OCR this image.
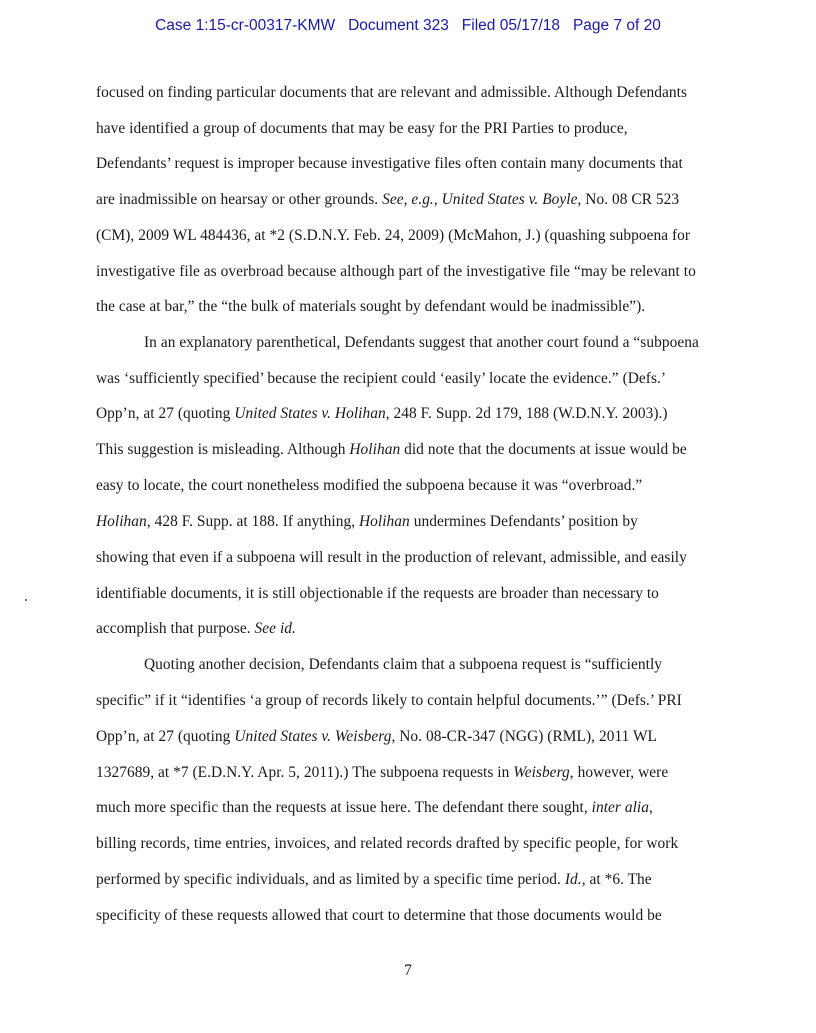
Case 1:15-cr-00317-KMW Document 323 Filed 05/17/18 Page 7 of 20
focused on finding particular documents that are relevant and admissible. Although Defendants
have identified a group of documents that may be easy for the PRI Parties to produce,
Defendants’ request is improper because investigative files often contain many documents that
are inadmissible on hearsay or other grounds. See, e.g., United States v. Boyle, No. 08 CR 523
(CM), 2009 WL 484436, at *2 (S.D.N.Y. Feb. 24, 2009) (McMahon, J.) (quashing subpoena for
investigative file as overbroad because although part of the investigative file “may be relevant to
the case at bar,” the “the bulk of materials sought by defendant would be inadmissible”).
In an explanatory parenthetical, Defendants suggest that another court found a “subpoena
was ‘sufficiently specified’ because the recipient could ‘easily’ locate the evidence.” (Defs.’
Opp’n, at 27 (quoting United States v. Holihan, 248 F. Supp. 2d 179, 188 (W.D.N.Y. 2003).)
This suggestion is misleading. Although Holihan did note that the documents at issue would be
easy to locate, the court nonetheless modified the subpoena because it was “overbroad.”
Holihan, 428 F. Supp. at 188. If anything, Holihan undermines Defendants’ position by
showing that even if a subpoena will result in the production of relevant, admissible, and easily
identifiable documents, it is still objectionable if the requests are broader than necessary to
accomplish that purpose. See id.
Quoting another decision, Defendants claim that a subpoena request is “sufficiently
specific” if it “identifies ‘a group of records likely to contain helpful documents.’” (Defs.’ PRI
Opp’n, at 27 (quoting United States v. Weisberg, No. 08-CR-347 (NGG) (RML), 2011 WL
1327689, at *7 (E.D.N.Y. Apr. 5, 2011).) The subpoena requests in Weisberg, however, were
much more specific than the requests at issue here. The defendant there sought, inter alia,
billing records, time entries, invoices, and related records drafted by specific people, for work
performed by specific individuals, and as limited by a specific time period. Id., at *6. The
specificity of these requests allowed that court to determine that those documents would be
7
